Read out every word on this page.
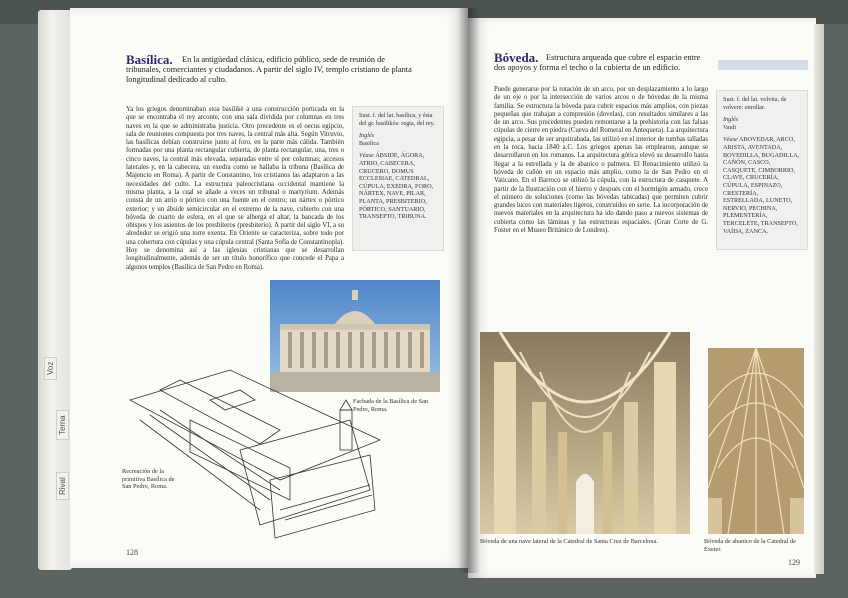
Basílica.	En la antigüedad clásica, edificio público, sede de reunión de tribunales, comerciantes y ciudadanos. A partir del siglo IV, templo cristiano de planta longitudinal dedicado al culto.
Ya los griegos denominaban stoa basilikè a una construcción porticada en la que se encontraba el rey arconte, con una sala dividida por columnas en tres naves en la que se administraba justicia. Otro precedente es el oecus egipcio, sala de reuniones compuesta por tres naves, la central más alta. Según Vitruvio, las basílicas debían construirse junto al foro, en la parte más cálida. También formadas por una planta rectangular cubierta, de planta rectangular, una, tres o cinco naves, la central más elevada, separadas entre sí por columnas; accesos laterales y, en la cabecera, un exedra como se hallaba la tribuna (Basílica de Majencio en Roma). A partir de Constantino, los cristianos las adaptaron a las necesidades del culto. La estructura paleocristiana occidental mantiene la misma planta, a la cual se añade a veces un tribunal o martyrium. Además consta de un atrio o pórtico con una fuente en el centro; un nártex o pórtico exterior; y un ábside semicircular en el extremo de la nave, cubierto con una bóveda de cuarto de esfera, en el que se alberga el altar, la bancada de los obispos y los asientos de los presbíteros (presbiterio). A partir del siglo VI, a su alrededor se erigió una torre exenta. En Oriente se caracteriza, sobre todo por una cobertura con cúpulas y una cúpula central (Santa Sofía de Constantinopla). Hoy se denomina así a las iglesias cristianas que se desarrollan longitudinalmente, además de ser un título honorífico que concede el Papa a algunos templos (Basílica de San Pedro en Roma).

Sust. f. del lat. basílica, y ésta del gr. basilikós: regia, del rey.

Inglés
Basilica

Véase ÁBSIDE, ÁGORA, ATRIO, CABECERA, CRUCERO, DOMUS ECCLESIAE, CATEDRAL, CÚPULA, EXEDRA, FORO, NÁRTEX, NAVE, PILAR, PLANTA, PRESBITERIO, PÓRTICO, SANTUARIO, TRANSEPTO, TRIBUNA.

Fachada de la Basílica de San Pedro, Roma.
Recreación de la primitiva Basílica de San Pedro, Roma.
128
Voz
Tema
Rival
Bóveda. Estructura arqueada que cubre el espacio entre dos apoyos y forma el techo o la cubierta de un edificio.
Puede generarse por la rotación de un arco, por un desplazamiento a lo largo de un eje o por la intersección de varios arcos o de bóvedas de la misma familia. Se estructura la bóveda para cubrir espacios más amplios, con piezas pequeñas que trabajan a compresión (dovelas), con resultados similares a las de un arco. Sus precedentes pueden remontarse a la prehistoria con las falsas cúpulas de cierre en piedra (Cueva del Romeral en Antequera). La arquitectura egipcia, a pesar de ser arquitrabada, las utilizó en el interior de tumbas talladas en la roca, hacia 1840 a.C. Los griegos apenas las emplearon, aunque se desarrollaron en los romanos. La arquitectura gótica elevó su desarrollo hasta llegar a la estrellada y la de abanico o palmera. El Renacimiento utilizó la bóveda de cañón en un espacio más amplio, como la de San Pedro en el Vaticano. En el Barroco se utilizó la cúpula, con la estructura de casquete. A partir de la Ilustración con el hierro y después con el hormigón armado, crece el número de soluciones (como las bóvedas tabicadas) que permiten cubrir grandes luces con materiales ligeros, construidos en serie. La incorporación de nuevos materiales en la arquitectura ha ido dando paso a nuevos sistemas de cubierta como las láminas y las estructuras espaciales. (Gran Corte de G. Foster en el Museo Británico de Londres).

Sust. f. del lat. volvita, de volvere: enrollar.

Inglés
Vault

Véase ABOVEDAR, ARCO, ARISTA, AVENTADA, BOVEDILLA, BUGADILLA, CAÑÓN, CASCO, CASQUETE, CIMBORRIO, CLAVE, CRUCERÍA, CÚPULA, ESPINAZO, CRESTERÍA, ESTRELLADA, LUNETO, NERVIO, PECHINA, PLEMENTERÍA, TERCELETE, TRANSEPTO, VAÍDA, ZANCA.

Bóveda de una nave lateral de la Catedral de Santa Cruz de Barcelona.	Bóveda de abanico de la Catedral de Exeter.
129
